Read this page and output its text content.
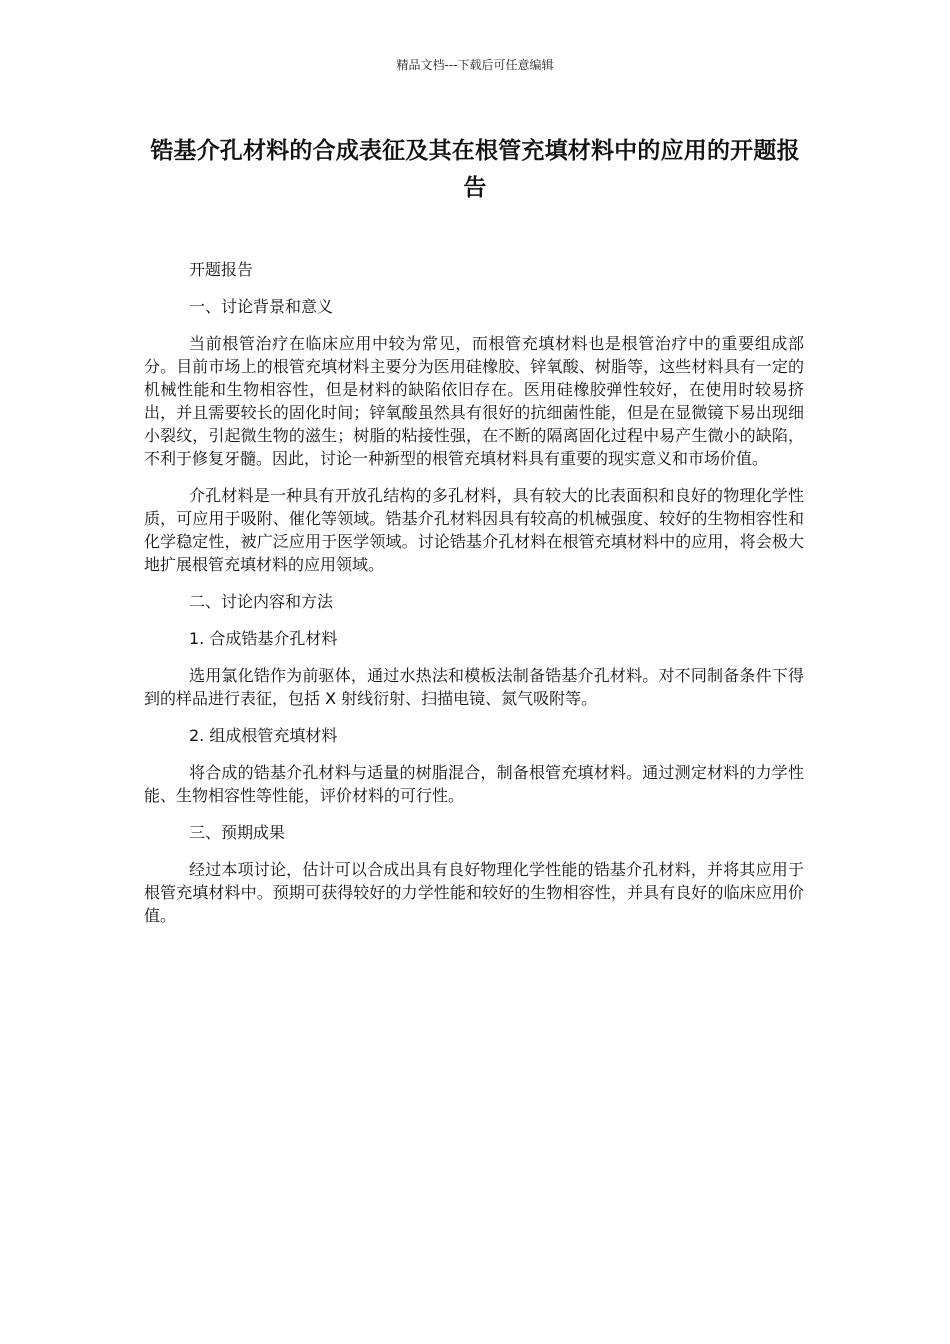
精品文档---下载后可任意编辑
锆基介孔材料的合成表征及其在根管充填材料中的应用的开题报告

开题报告

一、讨论背景和意义

当前根管治疗在临床应用中较为常见，而根管充填材料也是根管治疗中的重要组成部分。目前市场上的根管充填材料主要分为医用硅橡胶、锌氧酸、树脂等，这些材料具有一定的机械性能和生物相容性，但是材料的缺陷依旧存在。医用硅橡胶弹性较好，在使用时较易挤出，并且需要较长的固化时间；锌氧酸虽然具有很好的抗细菌性能，但是在显微镜下易出现细小裂纹，引起微生物的滋生；树脂的粘接性强，在不断的隔离固化过程中易产生微小的缺陷，不利于修复牙髓。因此，讨论一种新型的根管充填材料具有重要的现实意义和市场价值。

介孔材料是一种具有开放孔结构的多孔材料，具有较大的比表面积和良好的物理化学性质，可应用于吸附、催化等领域。锆基介孔材料因具有较高的机械强度、较好的生物相容性和化学稳定性，被广泛应用于医学领域。讨论锆基介孔材料在根管充填材料中的应用，将会极大地扩展根管充填材料的应用领域。

二、讨论内容和方法

1. 合成锆基介孔材料

选用氯化锆作为前驱体，通过水热法和模板法制备锆基介孔材料。对不同制备条件下得到的样品进行表征，包括 X 射线衍射、扫描电镜、氮气吸附等。

2. 组成根管充填材料

将合成的锆基介孔材料与适量的树脂混合，制备根管充填材料。通过测定材料的力学性能、生物相容性等性能，评价材料的可行性。

三、预期成果

经过本项讨论，估计可以合成出具有良好物理化学性能的锆基介孔材料，并将其应用于根管充填材料中。预期可获得较好的力学性能和较好的生物相容性，并具有良好的临床应用价值。
